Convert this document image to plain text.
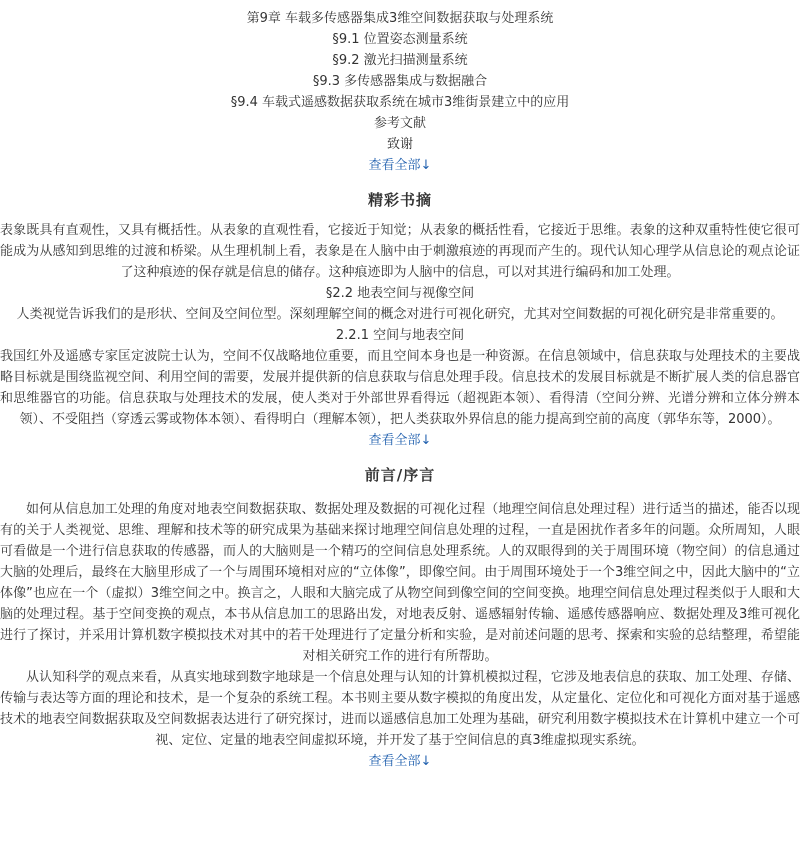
第9章 车载多传感器集成3维空间数据获取与处理系统
§9.1 位置姿态测量系统
§9.2 激光扫描测量系统
§9.3 多传感器集成与数据融合
§9.4 车载式遥感数据获取系统在城市3维街景建立中的应用
参考文献
致谢
查看全部↓
精彩书摘

表象既具有直观性，又具有概括性。从表象的直观性看，它接近于知觉；从表象的概括性看，它接近于思维。表象的这种双重特性使它很可能成为从感知到思维的过渡和桥梁。从生理机制上看，表象是在人脑中由于刺激痕迹的再现而产生的。现代认知心理学从信息论的观点论证了这种痕迹的保存就是信息的储存。这种痕迹即为人脑中的信息，可以对其进行编码和加工处理。

§2.2 地表空间与视像空间

人类视觉告诉我们的是形状、空间及空间位型。深刻理解空间的概念对进行可视化研究，尤其对空间数据的可视化研究是非常重要的。

2.2.1 空间与地表空间

我国红外及遥感专家匡定波院士认为，空间不仅战略地位重要，而且空间本身也是一种资源。在信息领域中，信息获取与处理技术的主要战略目标就是围绕监视空间、利用空间的需要，发展并提供新的信息获取与信息处理手段。信息技术的发展目标就是不断扩展人类的信息器官和思维器官的功能。信息获取与处理技术的发展，使人类对于外部世界看得远（超视距本领）、看得清（空间分辨、光谱分辨和立体分辨本领）、不受阻挡（穿透云雾或物体本领）、看得明白（理解本领），把人类获取外界信息的能力提高到空前的高度（郭华东等，2000）。

查看全部↓
前言/序言

如何从信息加工处理的角度对地表空间数据获取、数据处理及数据的可视化过程（地理空间信息处理过程）进行适当的描述，能否以现有的关于人类视觉、思维、理解和技术等的研究成果为基础来探讨地理空间信息处理的过程，一直是困扰作者多年的问题。众所周知，人眼可看做是一个进行信息获取的传感器，而人的大脑则是一个精巧的空间信息处理系统。人的双眼得到的关于周围环境（物空间）的信息通过大脑的处理后，最终在大脑里形成了一个与周围环境相对应的“立体像”，即像空间。由于周围环境处于一个3维空间之中，因此大脑中的“立体像”也应在一个（虚拟）3维空间之中。换言之，人眼和大脑完成了从物空间到像空间的空间变换。地理空间信息处理过程类似于人眼和大脑的处理过程。基于空间变换的观点，本书从信息加工的思路出发，对地表反射、遥感辐射传输、遥感传感器响应、数据处理及3维可视化进行了探讨，并采用计算机数字模拟技术对其中的若干处理进行了定量分析和实验，是对前述问题的思考、探索和实验的总结整理，希望能对相关研究工作的进行有所帮助。

从认知科学的观点来看，从真实地球到数字地球是一个信息处理与认知的计算机模拟过程，它涉及地表信息的获取、加工处理、存储、传输与表达等方面的理论和技术，是一个复杂的系统工程。本书则主要从数字模拟的角度出发，从定量化、定位化和可视化方面对基于遥感技术的地表空间数据获取及空间数据表达进行了研究探讨，进而以遥感信息加工处理为基础，研究利用数字模拟技术在计算机中建立一个可视、定位、定量的地表空间虚拟环境，并开发了基于空间信息的真3维虚拟现实系统。

查看全部↓
